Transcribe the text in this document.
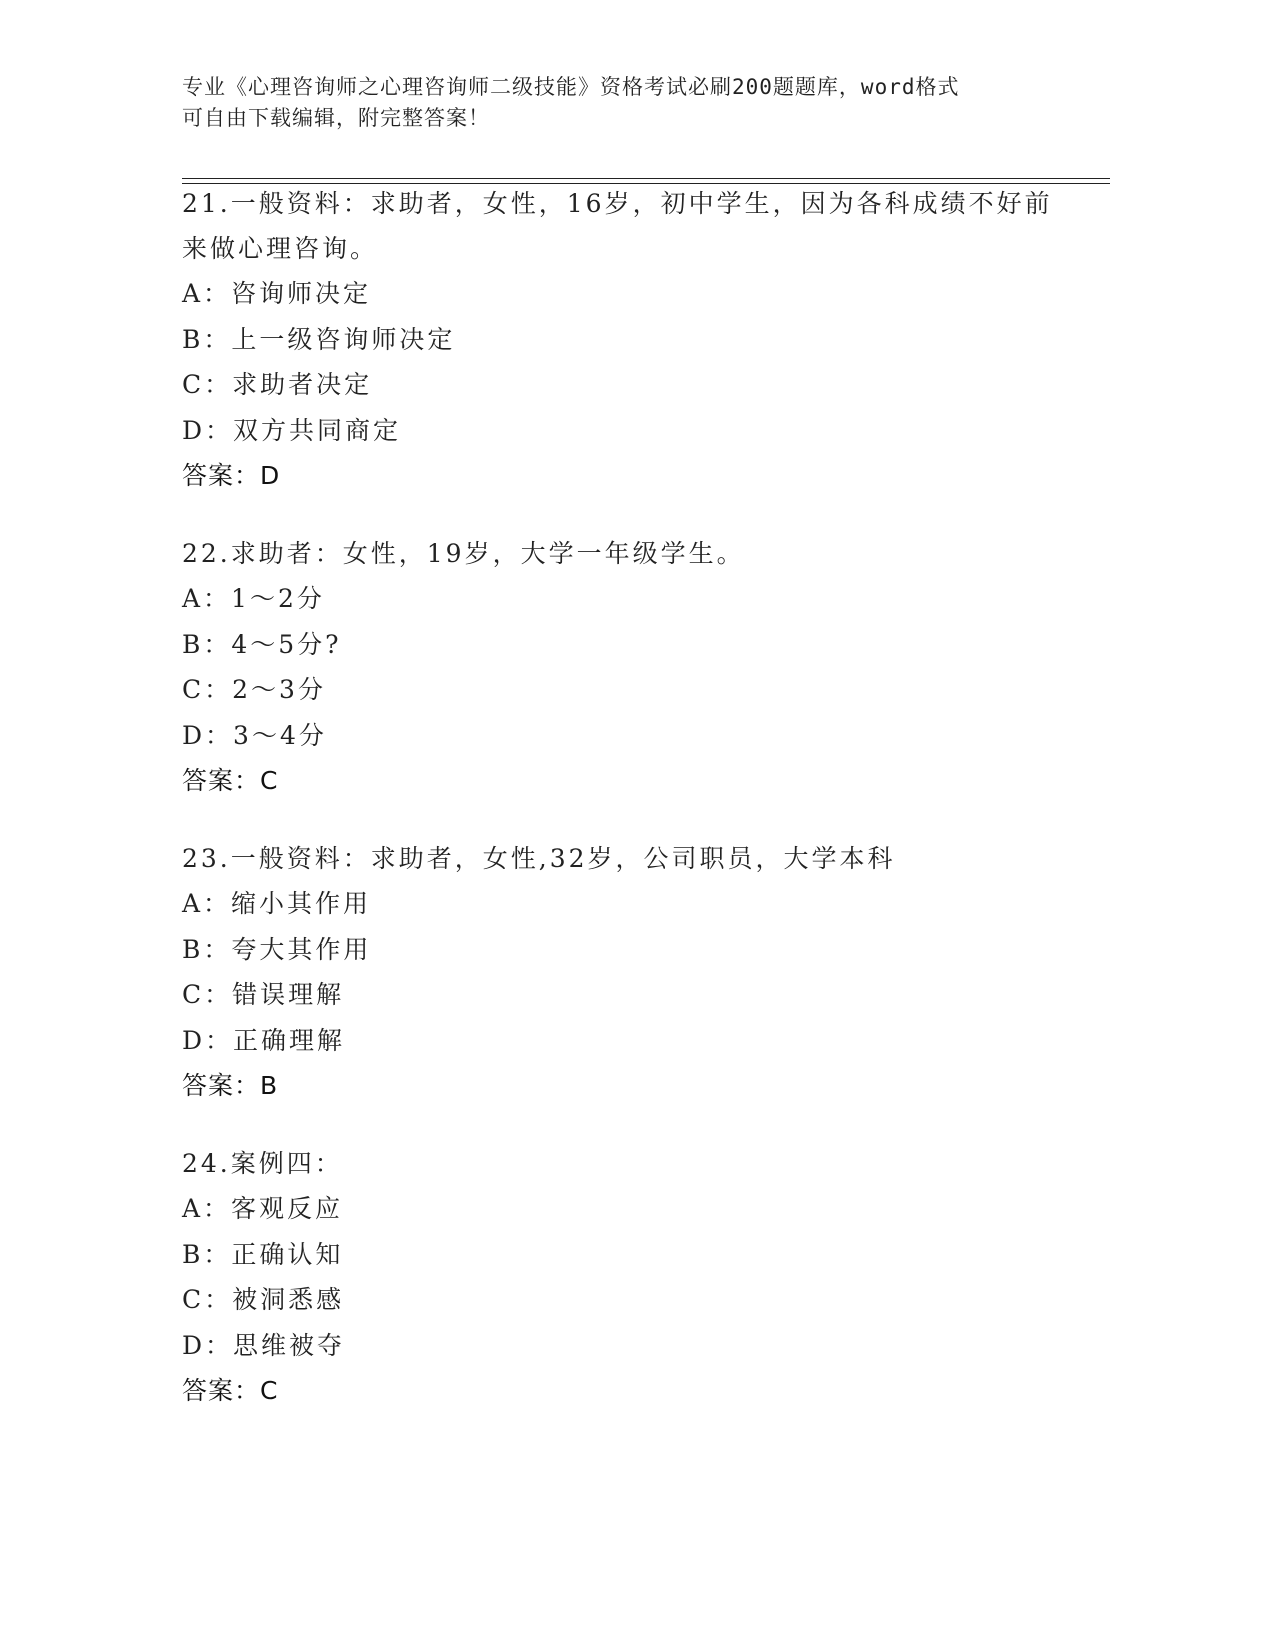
专业《心理咨询师之心理咨询师二级技能》资格考试必刷200题题库，word格式

可自由下载编辑，附完整答案！

21.一般资料：求助者，女性，16岁，初中学生，因为各科成绩不好前

来做心理咨询。

A：咨询师决定

B：上一级咨询师决定

C：求助者决定

D：双方共同商定

答案：D

22.求助者：女性，19岁，大学一年级学生。

A：1～2分

B：4～5分?

C：2～3分

D：3～4分

答案：C

23.一般资料：求助者，女性,32岁，公司职员，大学本科

A：缩小其作用

B：夸大其作用

C：错误理解

D：正确理解

答案：B

24.案例四：

A：客观反应

B：正确认知

C：被洞悉感

D：思维被夺

答案：C
